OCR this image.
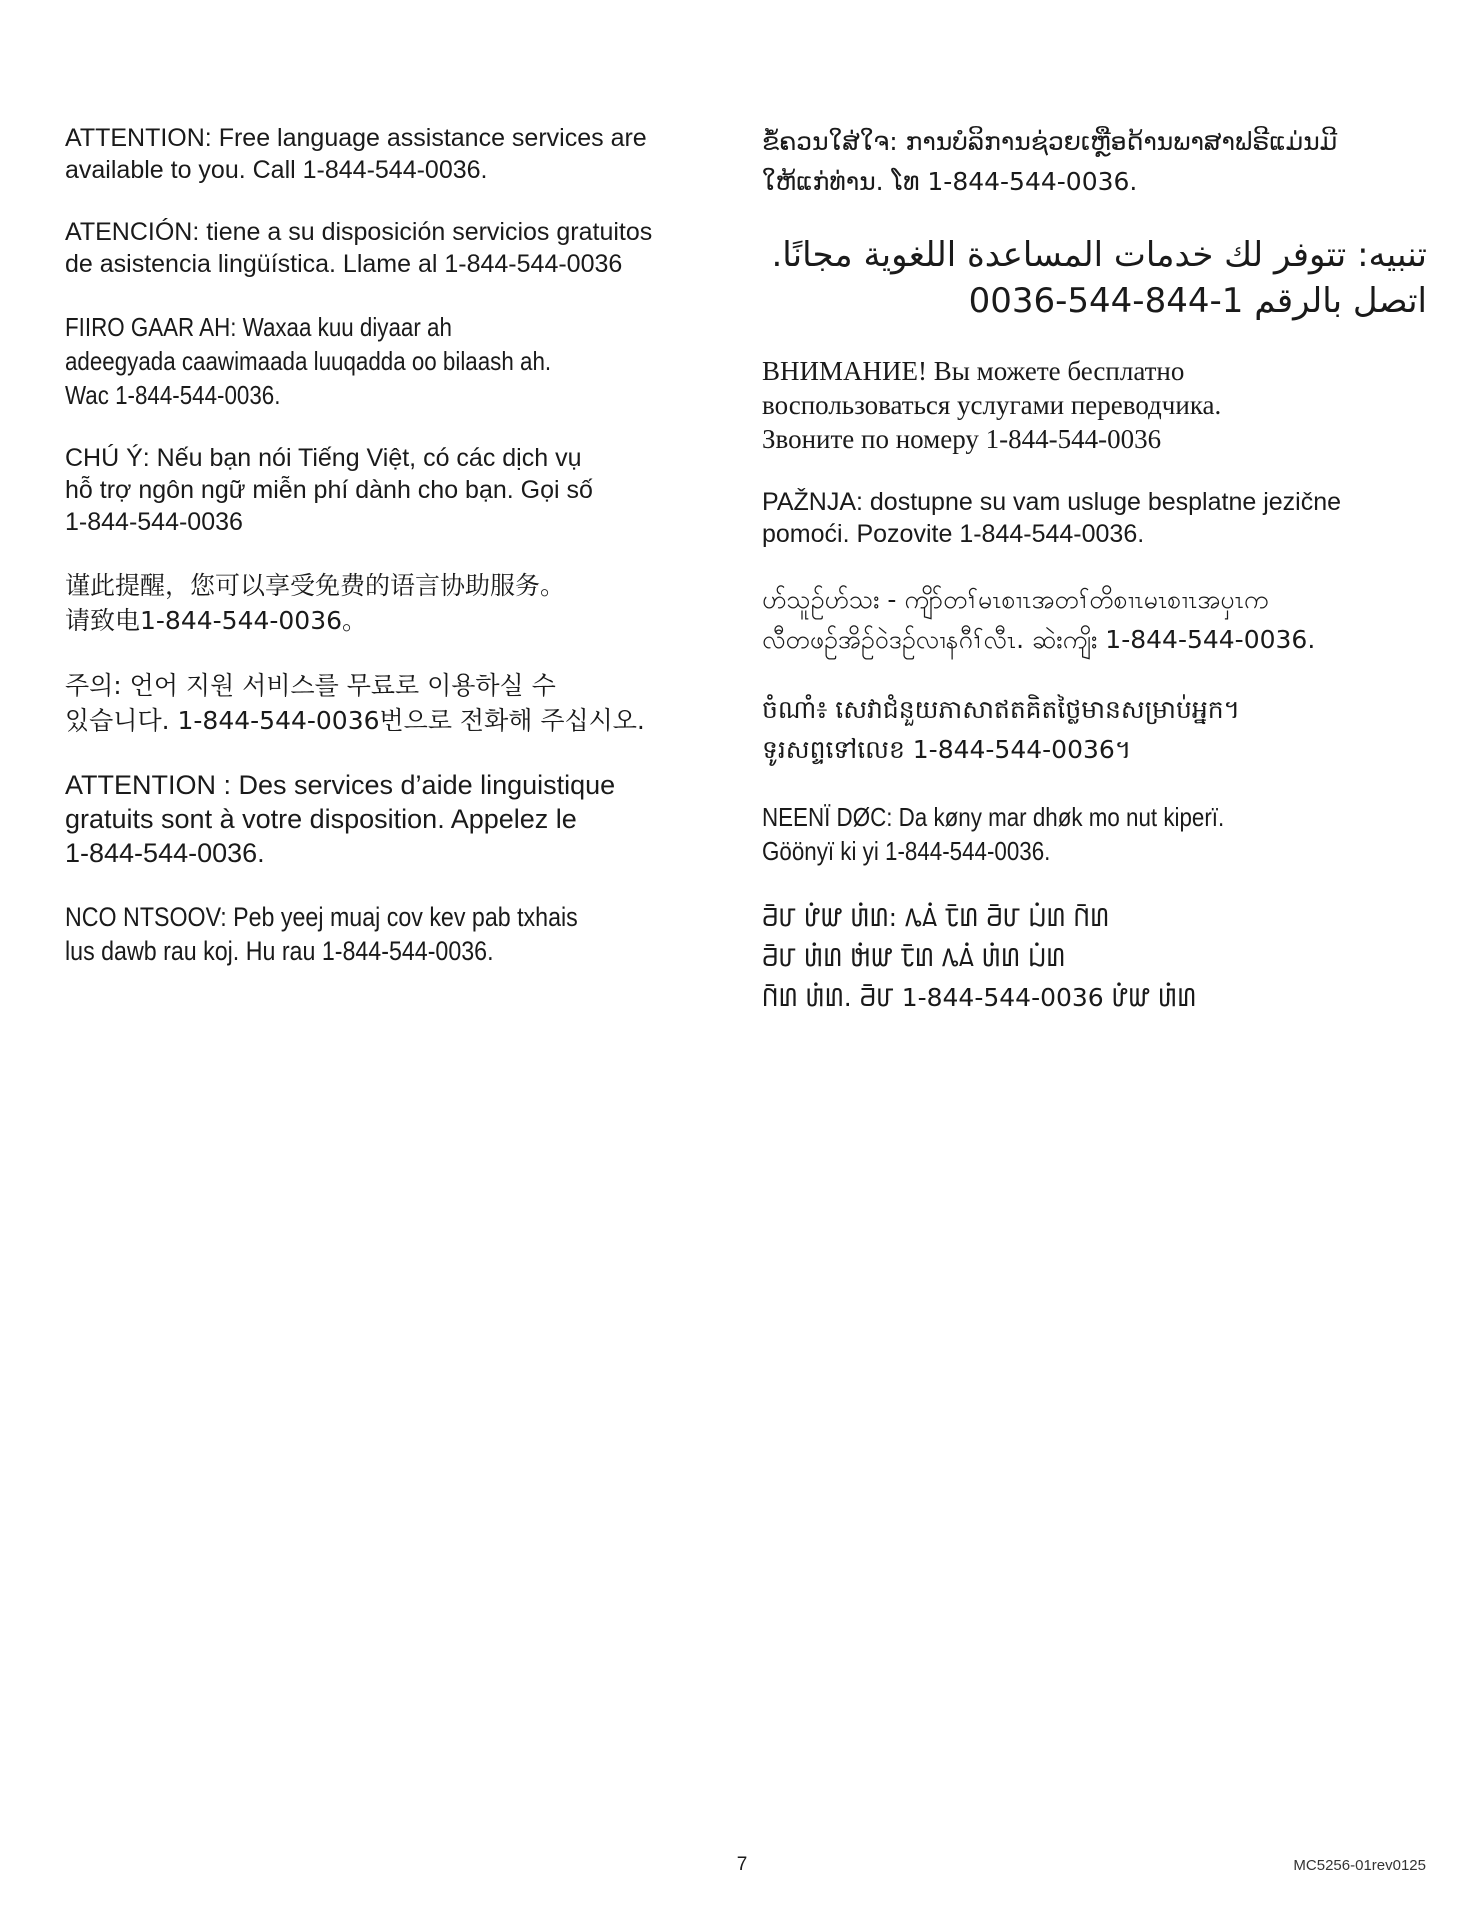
ATTENTION: Free language assistance services are
available to you. Call 1-844-544-0036.

ATENCIÓN: tiene a su disposición servicios gratuitos
de asistencia lingüística. Llame al 1-844-544-0036

FIIRO GAAR AH: Waxaa kuu diyaar ah
adeegyada caawimaada luuqadda oo bilaash ah.
Wac 1-844-544-0036.

CHÚ Ý: Nếu bạn nói Tiếng Việt, có các dịch vụ
hỗ trợ ngôn ngữ miễn phí dành cho bạn. Gọi số
1-844-544-0036

谨此提醒，您可以享受免费的语言协助服务。
请致电1-844-544-0036。

주의: 언어 지원 서비스를 무료로 이용하실 수
있습니다. 1-844-544-0036번으로 전화해 주십시오.

ATTENTION : Des services d’aide linguistique
gratuits sont à votre disposition. Appelez le
1-844-544-0036.

NCO NTSOOV: Peb yeej muaj cov kev pab txhais
lus dawb rau koj. Hu rau 1-844-544-0036.

ຂໍ້ຄວນໃສ່ໃຈ: ການບໍລິການຊ່ວຍເຫຼືອດ້ານພາສາຟຣີແມ່ນມີ
ໃຫ້ແກ່ທ່ານ. ໂທ 1-844-544-0036.

تنبيه: تتوفر لك خدمات المساعدة اللغوية مجانًا.
اتصل بالرقم 1-844-544-0036

ВНИМАНИЕ! Вы можете бесплатно
воспользоваться услугами переводчика.
Звоните по номеру 1-844-544-0036

PAŽNJA: dostupne su vam usluge besplatne jezične
pomoći. Pozovite 1-844-544-0036.

ဟ်သူဉ်ဟ်သး - ကျိာ်တၢ်မၤစၢၤအတၢ်တိစၢၤမၤစၢၤအပှၤက
လီတဖဉ်အိဉ်ဝဲဒဉ်လၢနဂီၢ်လီၤ. ဆဲးကျိး 1-844-544-0036.

ចំណាំ៖ សេវាជំនួយភាសាឥតគិតថ្លៃមានសម្រាប់អ្នក។
ទូរសព្ទទៅលេខ 1-844-544-0036។

NEENÏ DØC: Da køny mar dhøk mo nut kiperï.
Göönyï ki yi 1-844-544-0036.

𖬁𖬲𖬬 𖬗𖬰𖬤 𖬆𖬰𖬞: 𖬂𖬮𖬰 𖬘𖬲𖬞 𖬁𖬲𖬬 𖬔𖬰𖬞 𖬇𖬲𖬞
𖬁𖬲𖬬 𖬆𖬰𖬞 𖬓𖬰𖬤 𖬘𖬲𖬞 𖬂𖬮𖬰 𖬆𖬰𖬞 𖬔𖬰𖬞
𖬇𖬲𖬞 𖬆𖬰𖬞. 𖬁𖬲𖬬 1-844-544-0036 𖬗𖬰𖬤 𖬆𖬰𖬞

7	MC5256-01rev0125
